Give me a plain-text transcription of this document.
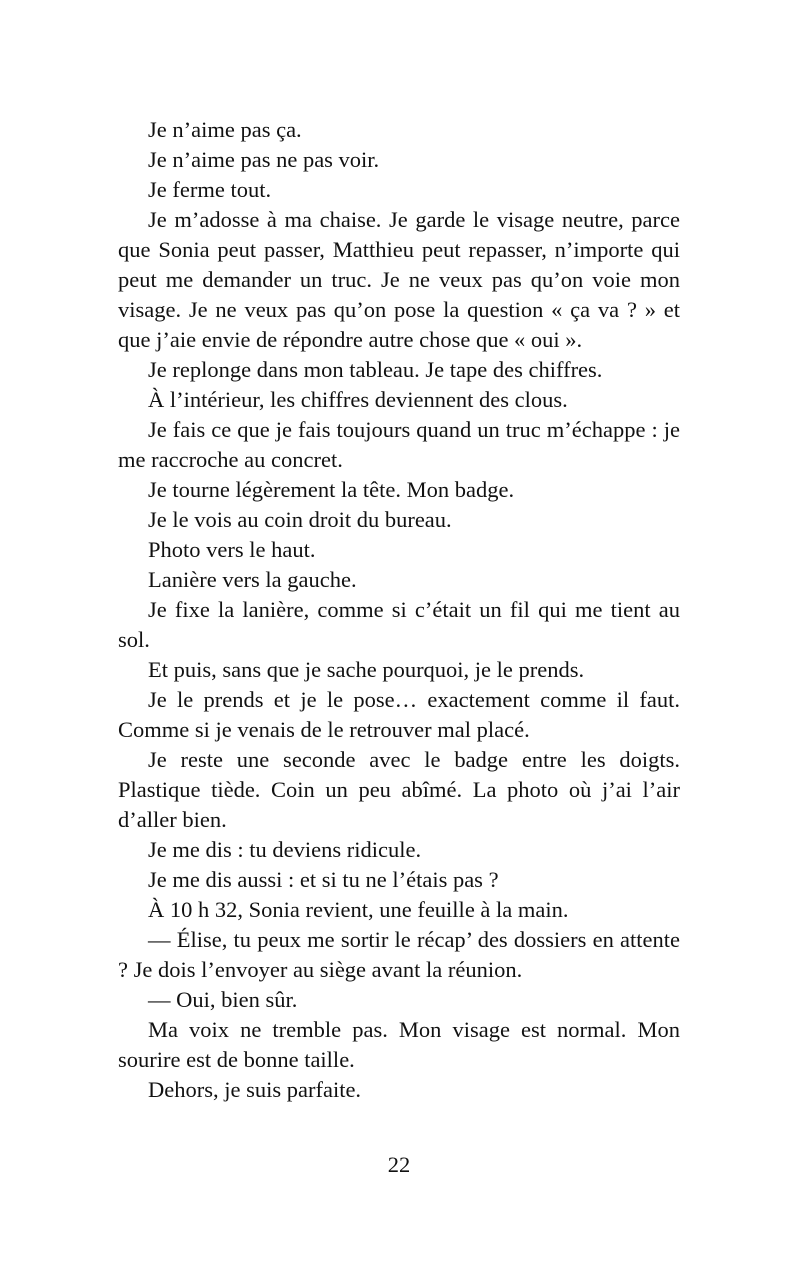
Je n’aime pas ça.

Je n’aime pas ne pas voir.

Je ferme tout.

Je m’adosse à ma chaise. Je garde le visage neutre, parce que Sonia peut passer, Matthieu peut repasser, n’importe qui peut me demander un truc. Je ne veux pas qu’on voie mon visage. Je ne veux pas qu’on pose la question « ça va ? » et que j’aie envie de répondre autre chose que « oui ».

Je replonge dans mon tableau. Je tape des chiffres.

À l’intérieur, les chiffres deviennent des clous.

Je fais ce que je fais toujours quand un truc m’échappe : je me raccroche au concret.

Je tourne légèrement la tête. Mon badge.

Je le vois au coin droit du bureau.

Photo vers le haut.

Lanière vers la gauche.

Je fixe la lanière, comme si c’était un fil qui me tient au sol.

Et puis, sans que je sache pourquoi, je le prends.

Je le prends et je le pose… exactement comme il faut. Comme si je venais de le retrouver mal placé.

Je reste une seconde avec le badge entre les doigts. Plastique tiède. Coin un peu abîmé. La photo où j’ai l’air d’aller bien.

Je me dis : tu deviens ridicule.

Je me dis aussi : et si tu ne l’étais pas ?

À 10 h 32, Sonia revient, une feuille à la main.

— Élise, tu peux me sortir le récap’ des dossiers en attente ? Je dois l’envoyer au siège avant la réunion.

— Oui, bien sûr.

Ma voix ne tremble pas. Mon visage est normal. Mon sourire est de bonne taille.

Dehors, je suis parfaite.

22
